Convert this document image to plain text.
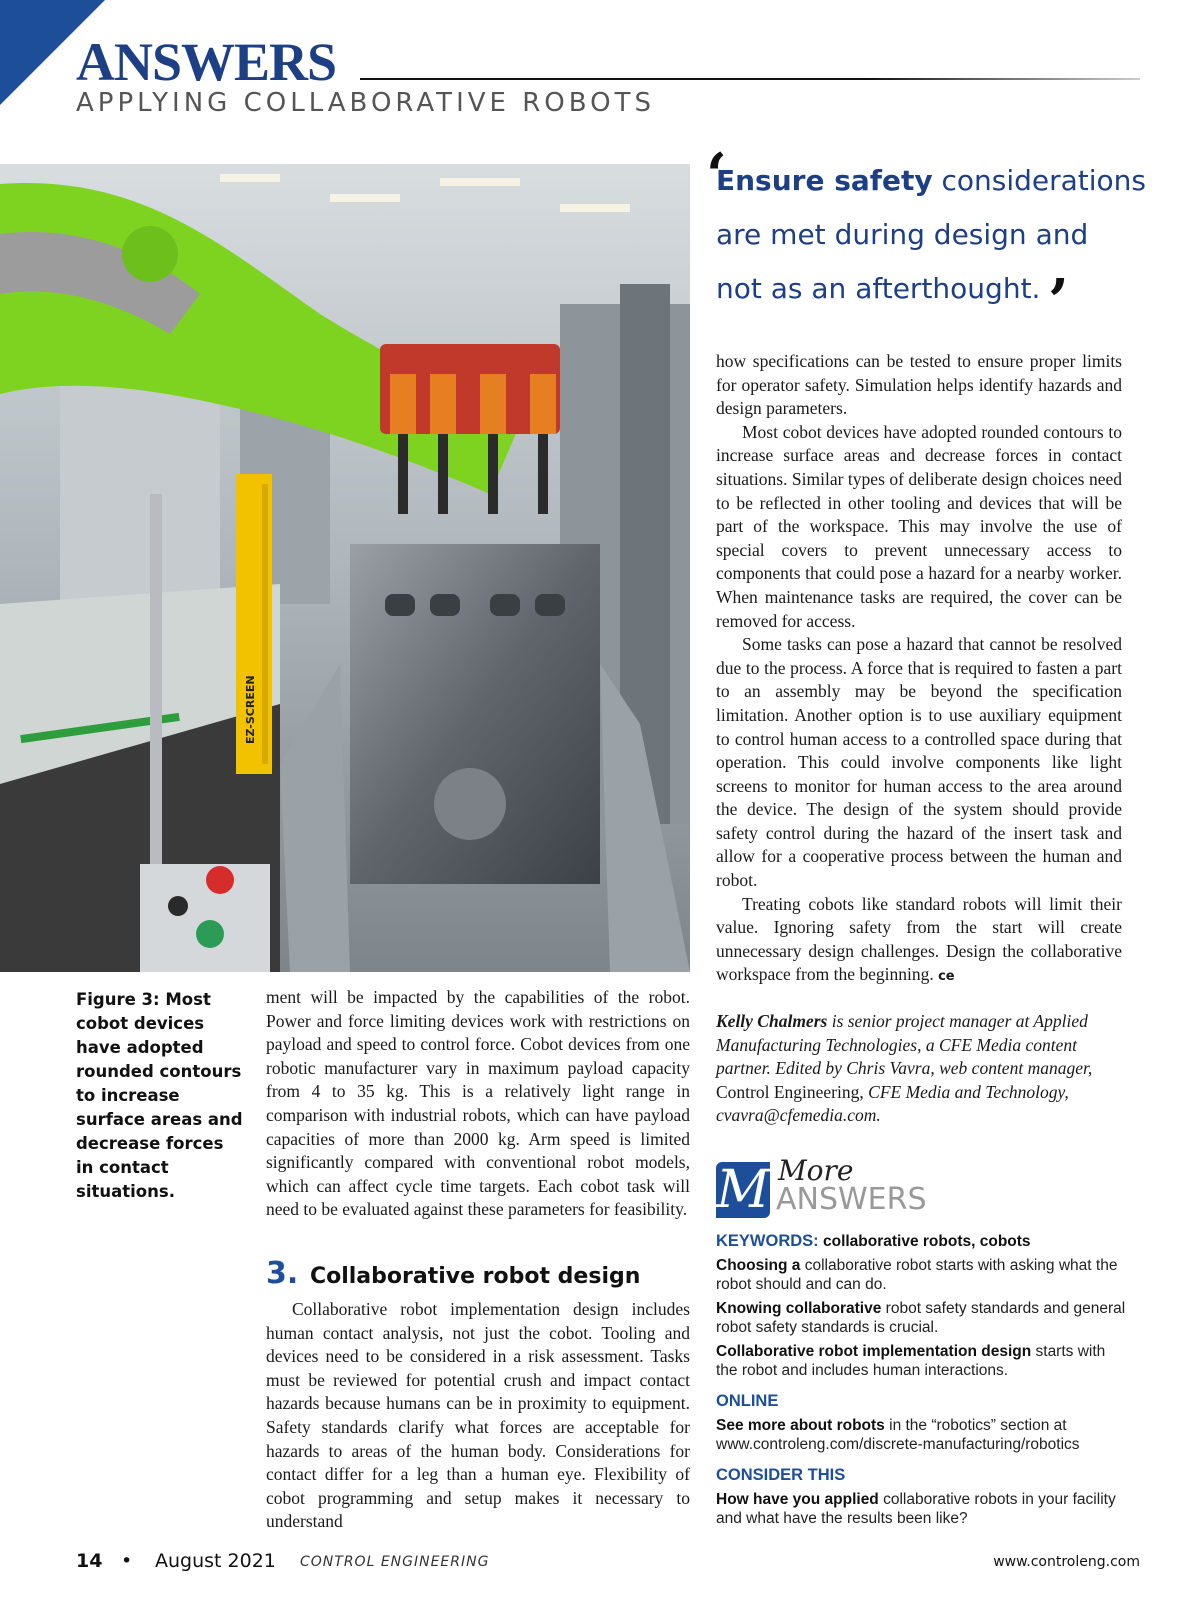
ANSWERS
APPLYING COLLABORATIVE ROBOTS
EZ-SCREEN
Figure 3: Most cobot devices have adopted rounded contours to increase surface areas and decrease forces in contact situations.

ment will be impacted by the capabilities of the robot. Power and force limiting devices work with restrictions on payload and speed to control force. Cobot devices from one robotic manufacturer vary in maximum payload capacity from 4 to 35 kg. This is a relatively light range in comparison with industrial robots, which can have payload capacities of more than 2000 kg. Arm speed is limited significantly compared with conventional robot models, which can affect cycle time targets. Each cobot task will need to be evaluated against these parameters for feasibility.

3. Collaborative robot design

Collaborative robot implementation design includes human contact analysis, not just the cobot. Tooling and devices need to be considered in a risk assessment. Tasks must be reviewed for potential crush and impact contact hazards because humans can be in proximity to equipment. Safety standards clarify what forces are acceptable for hazards to areas of the human body. Considerations for contact differ for a leg than a human eye. Flexibility of cobot programming and setup makes it necessary to understand

‘
Ensure safety considerations
are met during design and
not as an afterthought. ’

how specifications can be tested to ensure proper limits for operator safety. Simulation helps identify hazards and design parameters.

Most cobot devices have adopted rounded contours to increase surface areas and decrease forces in contact situations. Similar types of deliberate design choices need to be reflected in other tooling and devices that will be part of the workspace. This may involve the use of special covers to prevent unnecessary access to components that could pose a hazard for a nearby worker. When maintenance tasks are required, the cover can be removed for access.

Some tasks can pose a hazard that cannot be resolved due to the process. A force that is required to fasten a part to an assembly may be beyond the specification limitation. Another option is to use auxiliary equipment to control human access to a controlled space during that operation. This could involve components like light screens to monitor for human access to the area around the device. The design of the system should provide safety control during the hazard of the insert task and allow for a cooperative process between the human and robot.

Treating cobots like standard robots will limit their value. Ignoring safety from the start will create unnecessary design challenges. Design the collaborative workspace from the beginning. ce

Kelly Chalmers is senior project manager at Applied Manufacturing Technologies, a CFE Media content partner. Edited by Chris Vavra, web content manager, Control Engineering, CFE Media and Technology, cvavra@cfemedia.com.
M More
ANSWERS
KEYWORDS: collaborative robots, cobots
Choosing a collaborative robot starts with asking what the robot should and can do.
Knowing collaborative robot safety standards and general robot safety standards is crucial.
Collaborative robot implementation design starts with the robot and includes human interactions.
ONLINE
See more about robots in the “robotics” section at www.controleng.com/discrete-manufacturing/robotics
CONSIDER THIS
How have you applied collaborative robots in your facility and what have the results been like?
14 • August 2021 CONTROL ENGINEERING	www.controleng.com
